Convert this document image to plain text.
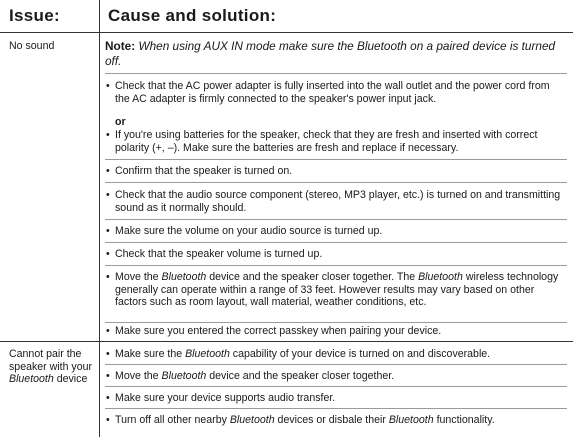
Issue:	Cause and solution:
No sound	Note: When using AUX IN mode make sure the Bluetooth on a paired device is turned off.
• Check that the AC power adapter is fully inserted into the wall outlet and the power cord from the AC adapter is firmly connected to the speaker's power input jack.
or
• If you're using batteries for the speaker, check that they are fresh and inserted with correct polarity (+, –). Make sure the batteries are fresh and replace if necessary.
• Confirm that the speaker is turned on.
• Check that the audio source component (stereo, MP3 player, etc.) is turned on and transmitting sound as it normally should.
• Make sure the volume on your audio source is turned up.
• Check that the speaker volume is turned up.
• Move the Bluetooth device and the speaker closer together. The Bluetooth wireless technology generally can operate within a range of 33 feet. However results may vary based on other factors such as room layout, wall material, weather conditions, etc.
• Make sure you entered the correct passkey when pairing your device.
Cannot pair the speaker with your Bluetooth device
• Make sure the Bluetooth capability of your device is turned on and discoverable.
• Move the Bluetooth device and the speaker closer together.
• Make sure your device supports audio transfer.
• Turn off all other nearby Bluetooth devices or disbale their Bluetooth functionality.
